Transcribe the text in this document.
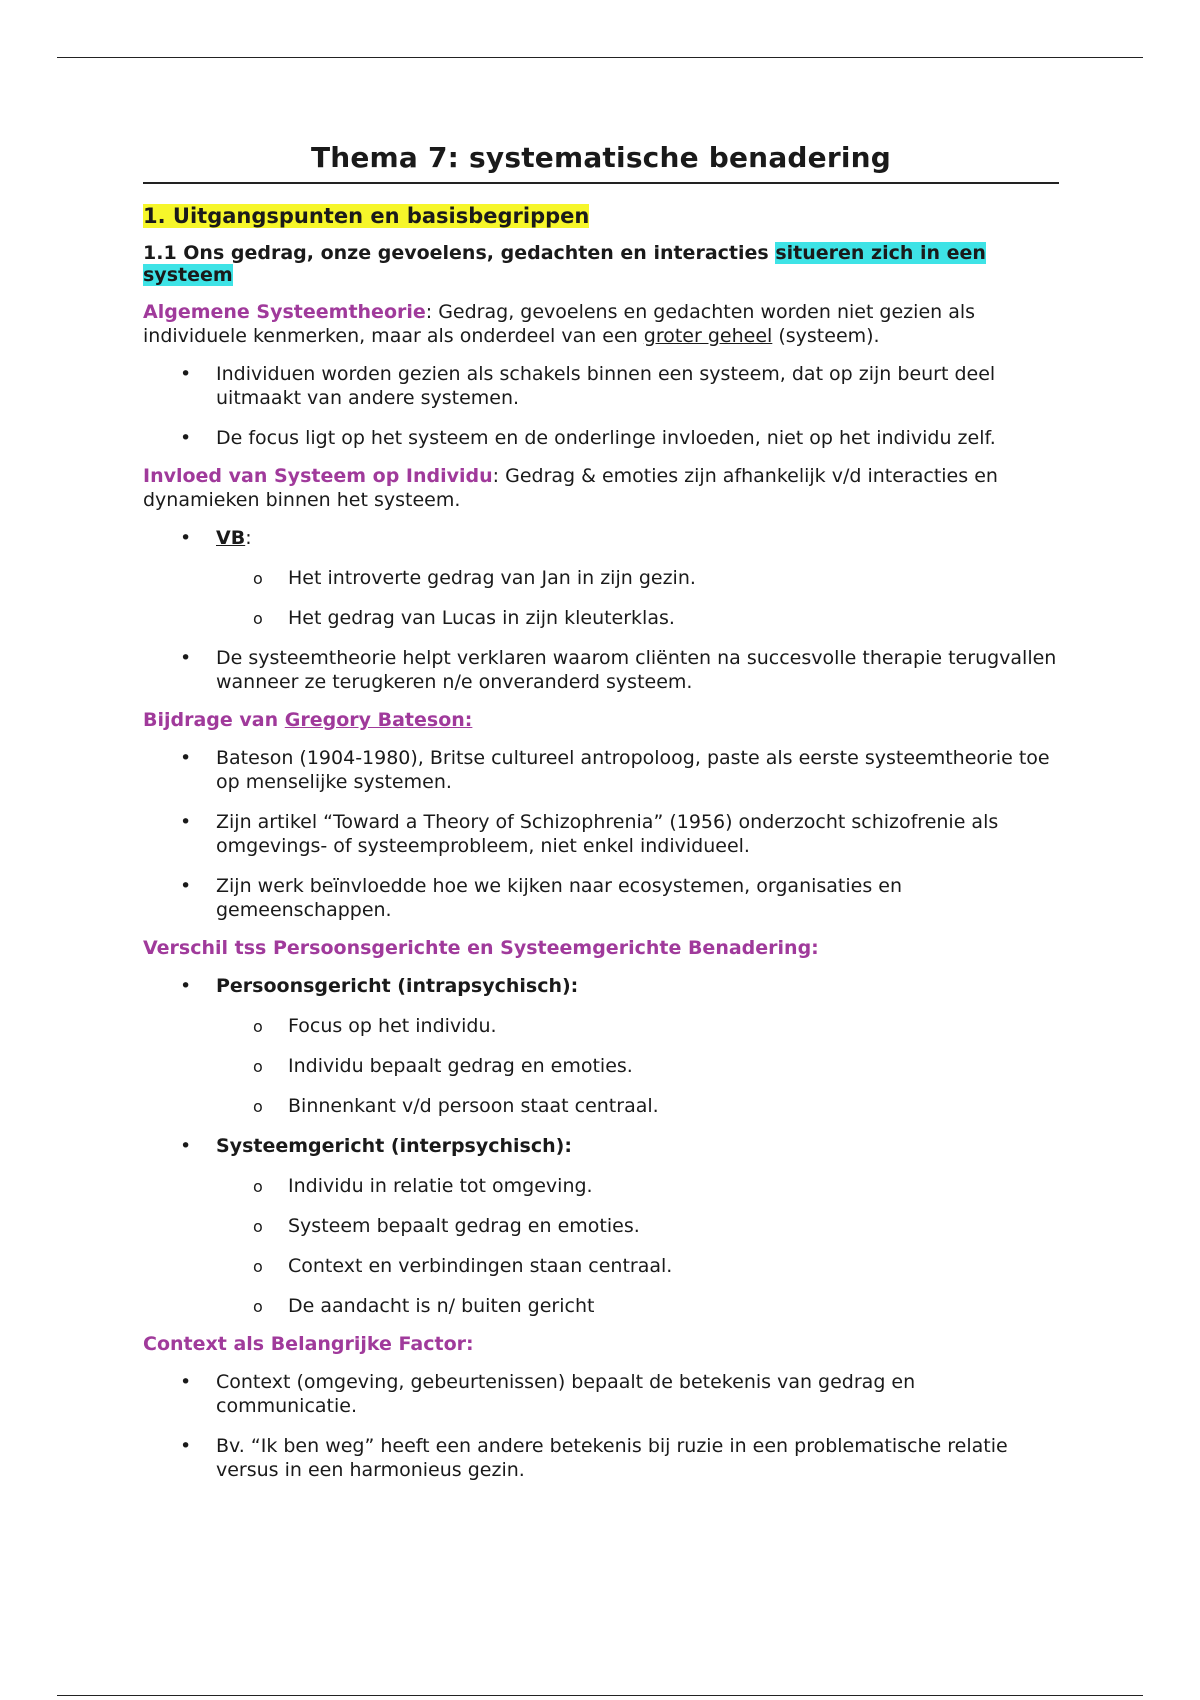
Thema 7: systematische benadering
1. Uitgangspunten en basisbegrippen
1.1 Ons gedrag, onze gevoelens, gedachten en interacties situeren zich in een systeem
Algemene Systeemtheorie: Gedrag, gevoelens en gedachten worden niet gezien als individuele kenmerken, maar als onderdeel van een groter geheel (systeem).
• Individuen worden gezien als schakels binnen een systeem, dat op zijn beurt deel uitmaakt van andere systemen.
• De focus ligt op het systeem en de onderlinge invloeden, niet op het individu zelf.
Invloed van Systeem op Individu: Gedrag & emoties zijn afhankelijk v/d interacties en dynamieken binnen het systeem.
• VB:
o Het introverte gedrag van Jan in zijn gezin.
o Het gedrag van Lucas in zijn kleuterklas.
• De systeemtheorie helpt verklaren waarom cliënten na succesvolle therapie terugvallen wanneer ze terugkeren n/e onveranderd systeem.
Bijdrage van Gregory Bateson:
• Bateson (1904-1980), Britse cultureel antropoloog, paste als eerste systeemtheorie toe op menselijke systemen.
• Zijn artikel “Toward a Theory of Schizophrenia” (1956) onderzocht schizofrenie als omgevings- of systeemprobleem, niet enkel individueel.
• Zijn werk beïnvloedde hoe we kijken naar ecosystemen, organisaties en gemeenschappen.
Verschil tss Persoonsgerichte en Systeemgerichte Benadering:
• Persoonsgericht (intrapsychisch):
o Focus op het individu.
o Individu bepaalt gedrag en emoties.
o Binnenkant v/d persoon staat centraal.
• Systeemgericht (interpsychisch):
o Individu in relatie tot omgeving.
o Systeem bepaalt gedrag en emoties.
o Context en verbindingen staan centraal.
o De aandacht is n/ buiten gericht
Context als Belangrijke Factor:
• Context (omgeving, gebeurtenissen) bepaalt de betekenis van gedrag en communicatie.
• Bv. “Ik ben weg” heeft een andere betekenis bij ruzie in een problematische relatie versus in een harmonieus gezin.
